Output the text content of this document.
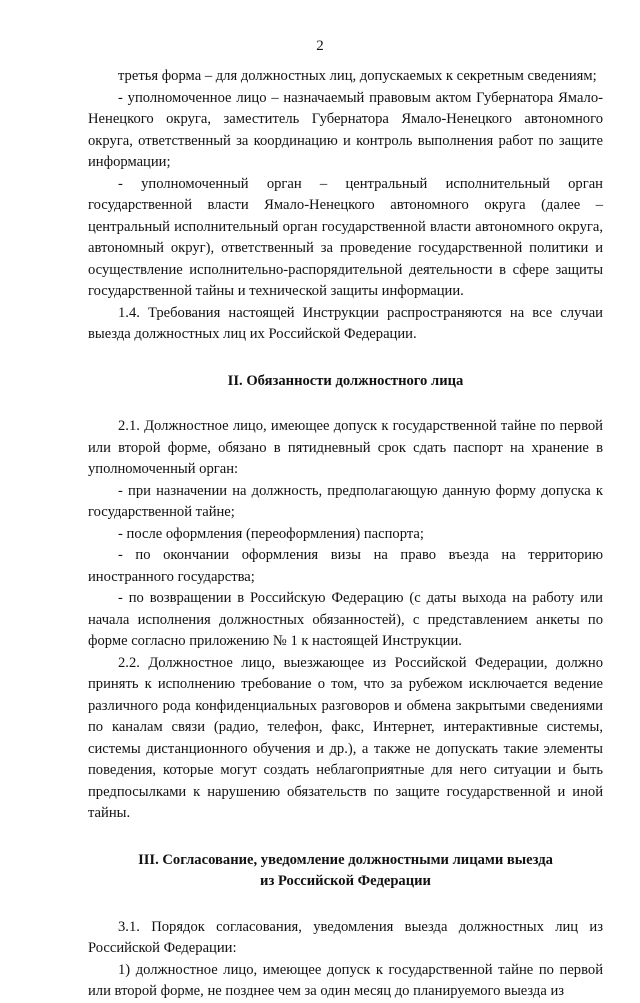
2

третья форма – для должностных лиц, допускаемых к секретным сведениям;

- уполномоченное лицо – назначаемый правовым актом Губернатора Ямало-Ненецкого округа, заместитель Губернатора Ямало-Ненецкого автономного округа, ответственный за координацию и контроль выполнения работ по защите информации;

- уполномоченный орган – центральный исполнительный орган государственной власти Ямало-Ненецкого автономного округа (далее – центральный исполнительный орган государственной власти автономного округа, автономный округ), ответственный за проведение государственной политики и осуществление исполнительно-распорядительной деятельности в сфере защиты государственной тайны и технической защиты информации.

1.4. Требования настоящей Инструкции распространяются на все случаи выезда должностных лиц их Российской Федерации.

II. Обязанности должностного лица

2.1. Должностное лицо, имеющее допуск к государственной тайне по первой или второй форме, обязано в пятидневный срок сдать паспорт на хранение в уполномоченный орган:

- при назначении на должность, предполагающую данную форму допуска к государственной тайне;

- после оформления (переоформления) паспорта;

- по окончании оформления визы на право въезда на территорию иностранного государства;

- по возвращении в Российскую Федерацию (с даты выхода на работу или начала исполнения должностных обязанностей), с представлением анкеты по форме согласно приложению № 1 к настоящей Инструкции.

2.2. Должностное лицо, выезжающее из Российской Федерации, должно принять к исполнению требование о том, что за рубежом исключается ведение различного рода конфиденциальных разговоров и обмена закрытыми сведениями по каналам связи (радио, телефон, факс, Интернет, интерактивные системы, системы дистанционного обучения и др.), а также не допускать такие элементы поведения, которые могут создать неблагоприятные для него ситуации и быть предпосылками к нарушению обязательств по защите государственной и иной тайны.

III. Согласование, уведомление должностными лицами выезда
из Российской Федерации

3.1. Порядок согласования, уведомления выезда должностных лиц из Российской Федерации:

1) должностное лицо, имеющее допуск к государственной тайне по первой или второй форме, не позднее чем за один месяц до планируемого выезда из
